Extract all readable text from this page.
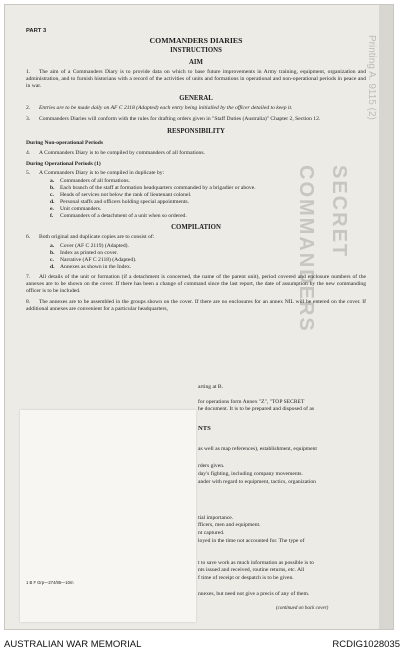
COMMANDERS SECRET
Printing A. 9115 (2)
PART 3
COMMANDERS DIARIES
INSTRUCTIONS
AIM
1. The aim of a Commanders Diary is to provide data on which to base future improvements in Army training, equipment, organization and administration, and to furnish historians with a record of the activities of units and formations in operational and non-operational periods in peace and in war.
GENERAL
2. Entries are to be made daily on AF C 2118 (Adapted) each entry being initialled by the officer detailed to keep it.
3. Commanders Diaries will conform with the rules for drafting orders given in "Staff Duties (Australia)" Chapter 2, Section 12.
RESPONSIBILITY
During Non-operational Periods
4. A Commanders Diary is to be compiled by commanders of all formations.
During Operational Periods (1)
5. A Commanders Diary is to be compiled in duplicate by:
a. Commanders of all formations.
b. Each branch of the staff at formation headquarters commanded by a brigadier or above.
c. Heads of services not below the rank of lieutenant colonel.
d. Personal staffs and officers holding special appointments.
e. Unit commanders.
f. Commanders of a detachment of a unit when so ordered.
COMPILATION
6. Both original and duplicate copies are to consist of:
a. Cover (AF C 2119) (Adapted).
b. Index as printed on cover.
c. Narrative (AF C 2118) (Adapted).
d. Annexes as shown in the Index.
7. All details of the unit or formation (if a detachment is concerned, the name of the parent unit), period covered and enclosure numbers of the annexes are to be shown on the cover. If there has been a change of command since the last report, the date of assumption by the new commanding officer is to be included.
8. The annexes are to be assembled in the groups shown on the cover. If there are no enclosures for an annex NIL will be entered on the cover. If additional annexes are convenient for a particular headquarters,
1 B F Grp—274/85—10m
arting at B.
for operations form Annex "Z", "TOP SECRET
he document. It is to be prepared and disposed of as
NTS
as well as map references), establishment, equipment
rders given.
day's fighting, including company movements.
ander with regard to equipment, tactics, organization
tial importance.
fficers, men and equipment.
nt captured.
loyed in the time not accounted for. The type of
t to save work as much information as possible is to
nts issued and received, routine returns, etc. All
f time of receipt or despatch is to be given.
nnexes, but need not give a precis of any of them.
(continued on back cover)
AUSTRALIAN WAR MEMORIAL	RCDIG1028035
